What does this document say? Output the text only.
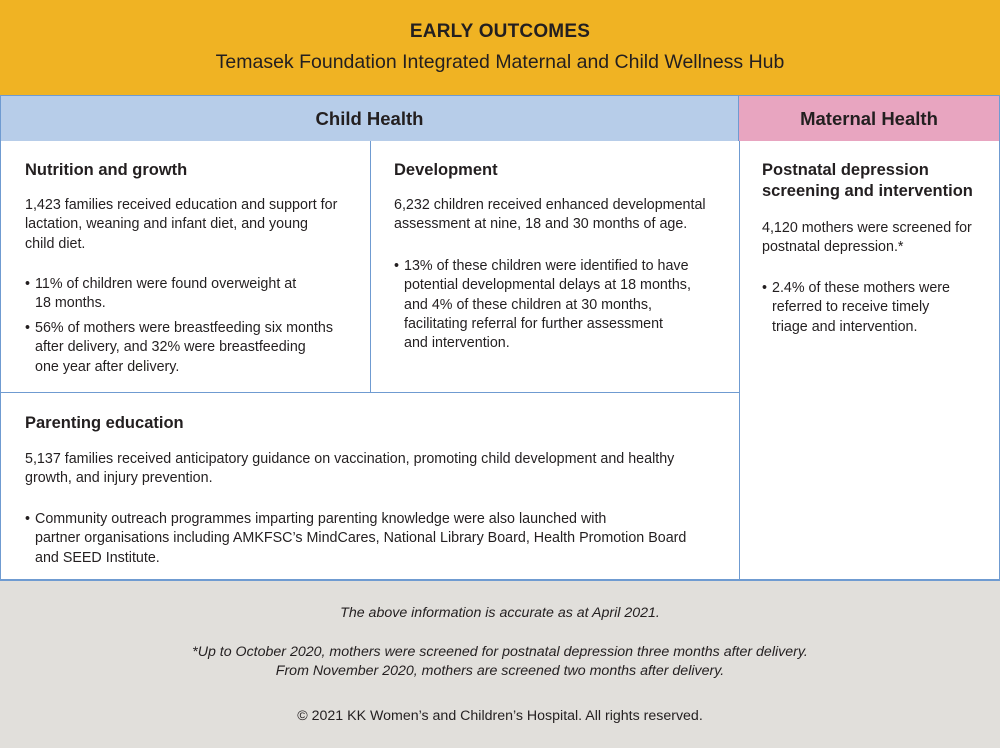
EARLY OUTCOMES
Temasek Foundation Integrated Maternal and Child Wellness Hub
Child Health	Maternal Health
Nutrition and growth
1,423 families received education and support for
lactation, weaning and infant diet, and young
child diet.
• 11% of children were found overweight at
18 months.
• 56% of mothers were breastfeeding six months
after delivery, and 32% were breastfeeding
one year after delivery.
Development
6,232 children received enhanced developmental
assessment at nine, 18 and 30 months of age.
• 13% of these children were identified to have
potential developmental delays at 18 months,
and 4% of these children at 30 months,
facilitating referral for further assessment
and intervention.
Parenting education
5,137 families received anticipatory guidance on vaccination, promoting child development and healthy
growth, and injury prevention.
• Community outreach programmes imparting parenting knowledge were also launched with
partner organisations including AMKFSC’s MindCares, National Library Board, Health Promotion Board
and SEED Institute.
Postnatal depression
screening and intervention
4,120 mothers were screened for
postnatal depression.*
• 2.4% of these mothers were
referred to receive timely
triage and intervention.
The above information is accurate as at April 2021.
*Up to October 2020, mothers were screened for postnatal depression three months after delivery.
From November 2020, mothers are screened two months after delivery.
© 2021 KK Women’s and Children’s Hospital. All rights reserved.
